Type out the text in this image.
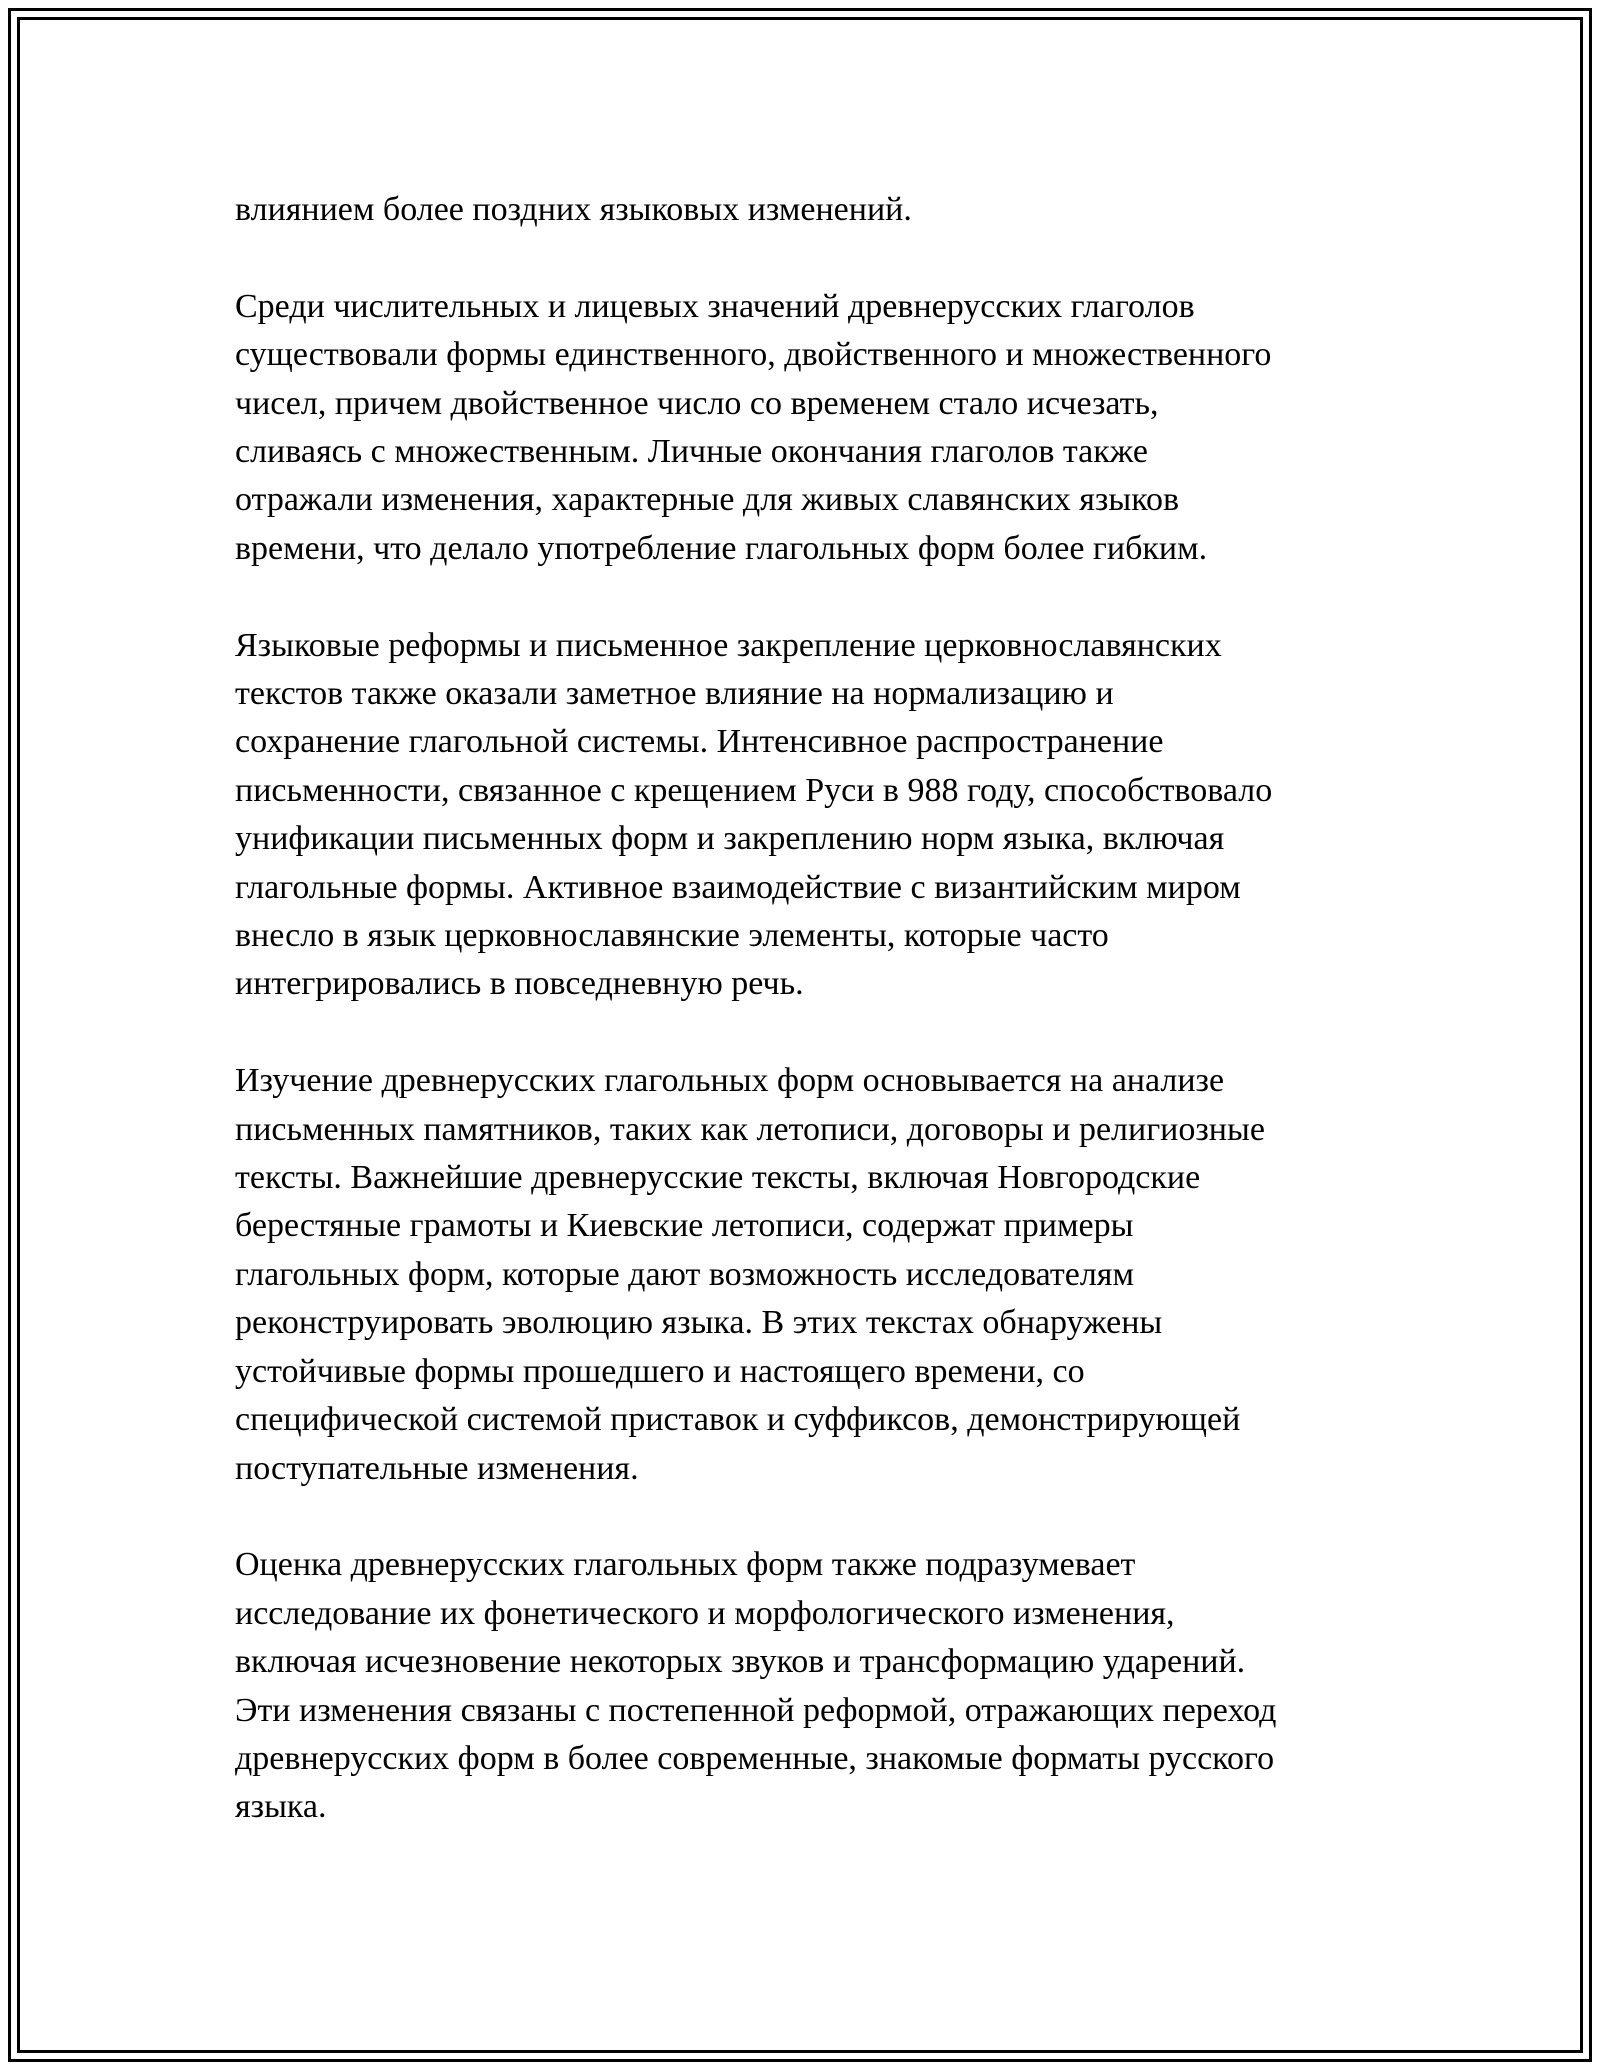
влиянием более поздних языковых изменений.

Среди числительных и лицевых значений древнерусских глаголов
существовали формы единственного, двойственного и множественного
чисел, причем двойственное число со временем стало исчезать,
сливаясь с множественным. Личные окончания глаголов также
отражали изменения, характерные для живых славянских языков
времени, что делало употребление глагольных форм более гибким.

Языковые реформы и письменное закрепление церковнославянских
текстов также оказали заметное влияние на нормализацию и
сохранение глагольной системы. Интенсивное распространение
письменности, связанное с крещением Руси в 988 году, способствовало
унификации письменных форм и закреплению норм языка, включая
глагольные формы. Активное взаимодействие с византийским миром
внесло в язык церковнославянские элементы, которые часто
интегрировались в повседневную речь.

Изучение древнерусских глагольных форм основывается на анализе
письменных памятников, таких как летописи, договоры и религиозные
тексты. Важнейшие древнерусские тексты, включая Новгородские
берестяные грамоты и Киевские летописи, содержат примеры
глагольных форм, которые дают возможность исследователям
реконструировать эволюцию языка. В этих текстах обнаружены
устойчивые формы прошедшего и настоящего времени, со
специфической системой приставок и суффиксов, демонстрирующей
поступательные изменения.

Оценка древнерусских глагольных форм также подразумевает
исследование их фонетического и морфологического изменения,
включая исчезновение некоторых звуков и трансформацию ударений.
Эти изменения связаны с постепенной реформой, отражающих переход
древнерусских форм в более современные, знакомые форматы русского
языка.
